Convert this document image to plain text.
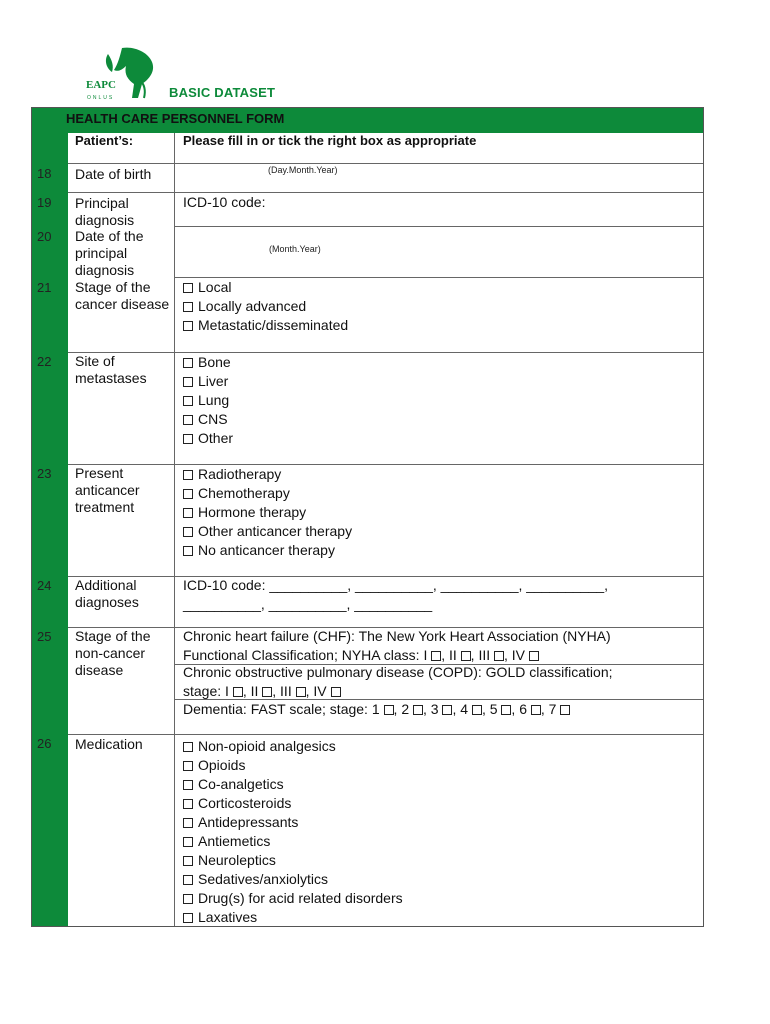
EAPC
ONLUS	BASIC DATASET
HEALTH CARE PERSONNEL FORM
Patient’s:	Please fill in or tick the right box as appropriate
18 Date of birth	(Day.Month.Year)
19 Principal diagnosis
ICD-10 code:
20 Date of the principal diagnosis
(Month.Year)
21 Stage of the cancer disease
Local
Locally advanced
Metastatic/disseminated
22 Site of metastases
Bone
Liver
Lung
CNS
Other
23 Present anticancer treatment
Radiotherapy
Chemotherapy
Hormone therapy
Other anticancer therapy
No anticancer therapy
24 Additional diagnoses
ICD-10 code: __________, __________, __________, __________,
__________, __________, __________
25 Stage of the non-cancer disease
Chronic heart failure (CHF): The New York Heart Association (NYHA)
Functional Classification; NYHA class: I , II , III , IV
Chronic obstructive pulmonary disease (COPD): GOLD classification;
stage: I , II , III , IV
Dementia: FAST scale; stage: 1 , 2 , 3 , 4 , 5 , 6 , 7
26 Medication	Non-opioid analgesics
Opioids
Co-analgetics
Corticosteroids
Antidepressants
Antiemetics
Neuroleptics
Sedatives/anxiolytics
Drug(s) for acid related disorders
Laxatives
